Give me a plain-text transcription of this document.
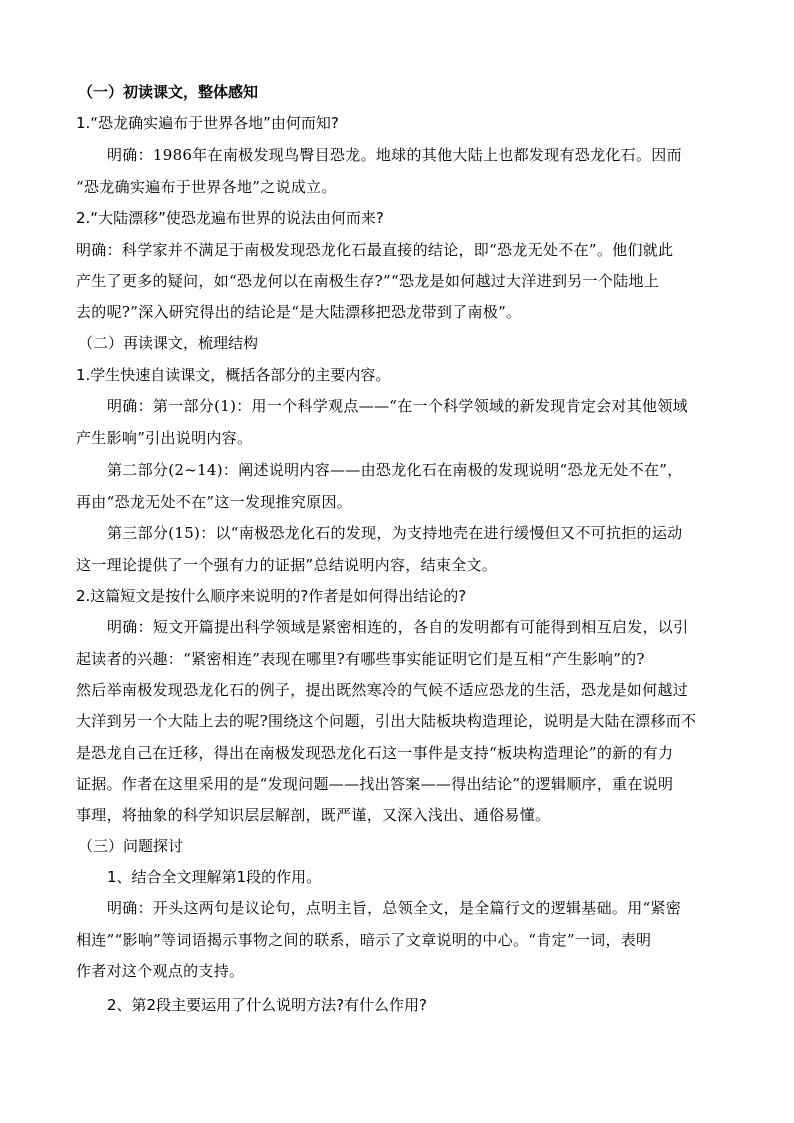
（一）初读课文，整体感知
1.“恐龙确实遍布于世界各地”由何而知?
明确：1986年在南极发现鸟臀目恐龙。地球的其他大陆上也都发现有恐龙化石。因而
“恐龙确实遍布于世界各地”之说成立。
2.“大陆漂移”使恐龙遍布世界的说法由何而来?
明确：科学家并不满足于南极发现恐龙化石最直接的结论，即“恐龙无处不在”。他们就此
产生了更多的疑问，如“恐龙何以在南极生存?”“恐龙是如何越过大洋进到另一个陆地上
去的呢?”深入研究得出的结论是“是大陆漂移把恐龙带到了南极”。
（二）再读课文，梳理结构
1.学生快速自读课文，概括各部分的主要内容。
明确：第一部分(1)：用一个科学观点——“在一个科学领域的新发现肯定会对其他领域
产生影响”引出说明内容。
第二部分(2~14)：阐述说明内容——由恐龙化石在南极的发现说明“恐龙无处不在”，
再由“恐龙无处不在”这一发现推究原因。
第三部分(15)：以“南极恐龙化石的发现，为支持地壳在进行缓慢但又不可抗拒的运动
这一理论提供了一个强有力的证据”总结说明内容，结束全文。
2.这篇短文是按什么顺序来说明的?作者是如何得出结论的?
明确：短文开篇提出科学领域是紧密相连的，各自的发明都有可能得到相互启发，以引
起读者的兴趣：“紧密相连”表现在哪里?有哪些事实能证明它们是互相“产生影响”的?
然后举南极发现恐龙化石的例子，提出既然寒冷的气候不适应恐龙的生活，恐龙是如何越过
大洋到另一个大陆上去的呢?围绕这个问题，引出大陆板块构造理论，说明是大陆在漂移而不
是恐龙自己在迁移，得出在南极发现恐龙化石这一事件是支持“板块构造理论”的新的有力
证据。作者在这里采用的是“发现问题——找出答案——得出结论”的逻辑顺序，重在说明
事理，将抽象的科学知识层层解剖，既严谨，又深入浅出、通俗易懂。
（三）问题探讨
1、结合全文理解第1段的作用。
明确：开头这两句是议论句，点明主旨，总领全文，是全篇行文的逻辑基础。用“紧密
相连”“影响”等词语揭示事物之间的联系，暗示了文章说明的中心。“肯定”一词，表明
作者对这个观点的支持。
2、第2段主要运用了什么说明方法?有什么作用?
